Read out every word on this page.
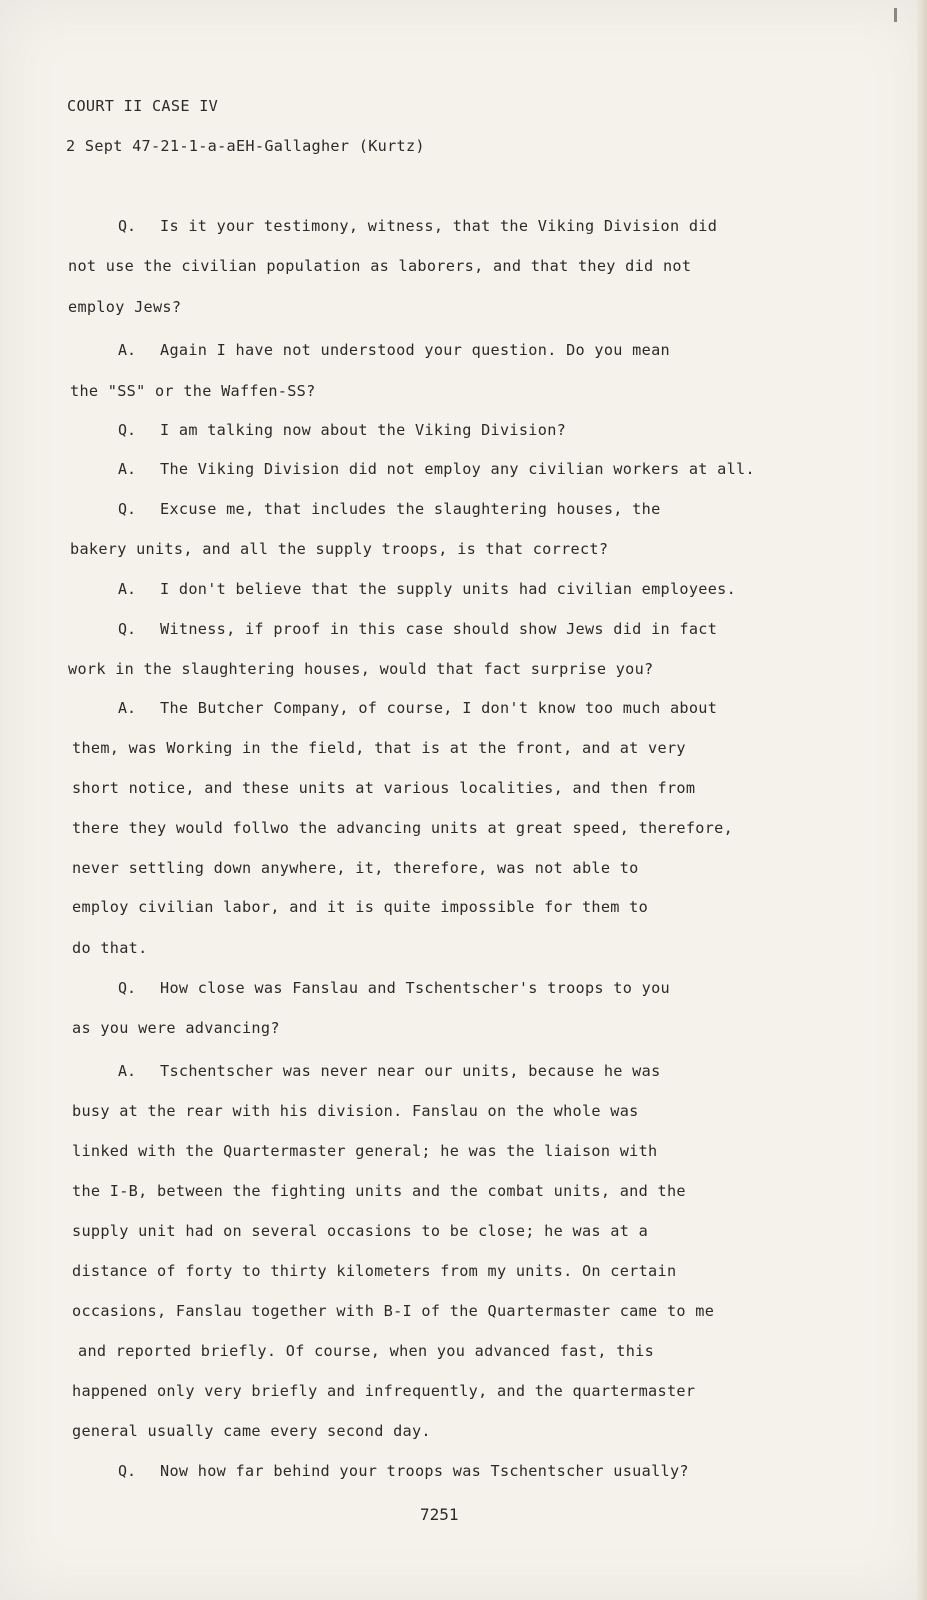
COURT II CASE IV
2 Sept 47-21-1-a-aEH-Gallagher (Kurtz)
Q. Is it your testimony, witness, that the Viking Division did
not use the civilian population as laborers, and that they did not
employ Jews?
A. Again I have not understood your question. Do you mean
the "SS" or the Waffen-SS?
Q. I am talking now about the Viking Division?
A. The Viking Division did not employ any civilian workers at all.
Q. Excuse me, that includes the slaughtering houses, the
bakery units, and all the supply troops, is that correct?
A. I don't believe that the supply units had civilian employees.
Q. Witness, if proof in this case should show Jews did in fact
work in the slaughtering houses, would that fact surprise you?
A. The Butcher Company, of course, I don't know too much about
them, was Working in the field, that is at the front, and at very
short notice, and these units at various localities, and then from
there they would follwo the advancing units at great speed, therefore,
never settling down anywhere, it, therefore, was not able to
employ civilian labor, and it is quite impossible for them to
do that.
Q. How close was Fanslau and Tschentscher's troops to you
as you were advancing?
A. Tschentscher was never near our units, because he was
busy at the rear with his division. Fanslau on the whole was
linked with the Quartermaster general; he was the liaison with
the I-B, between the fighting units and the combat units, and the
supply unit had on several occasions to be close; he was at a
distance of forty to thirty kilometers from my units. On certain
occasions, Fanslau together with B-I of the Quartermaster came to me
and reported briefly. Of course, when you advanced fast, this
happened only very briefly and infrequently, and the quartermaster
general usually came every second day.
Q. Now how far behind your troops was Tschentscher usually?
7251
